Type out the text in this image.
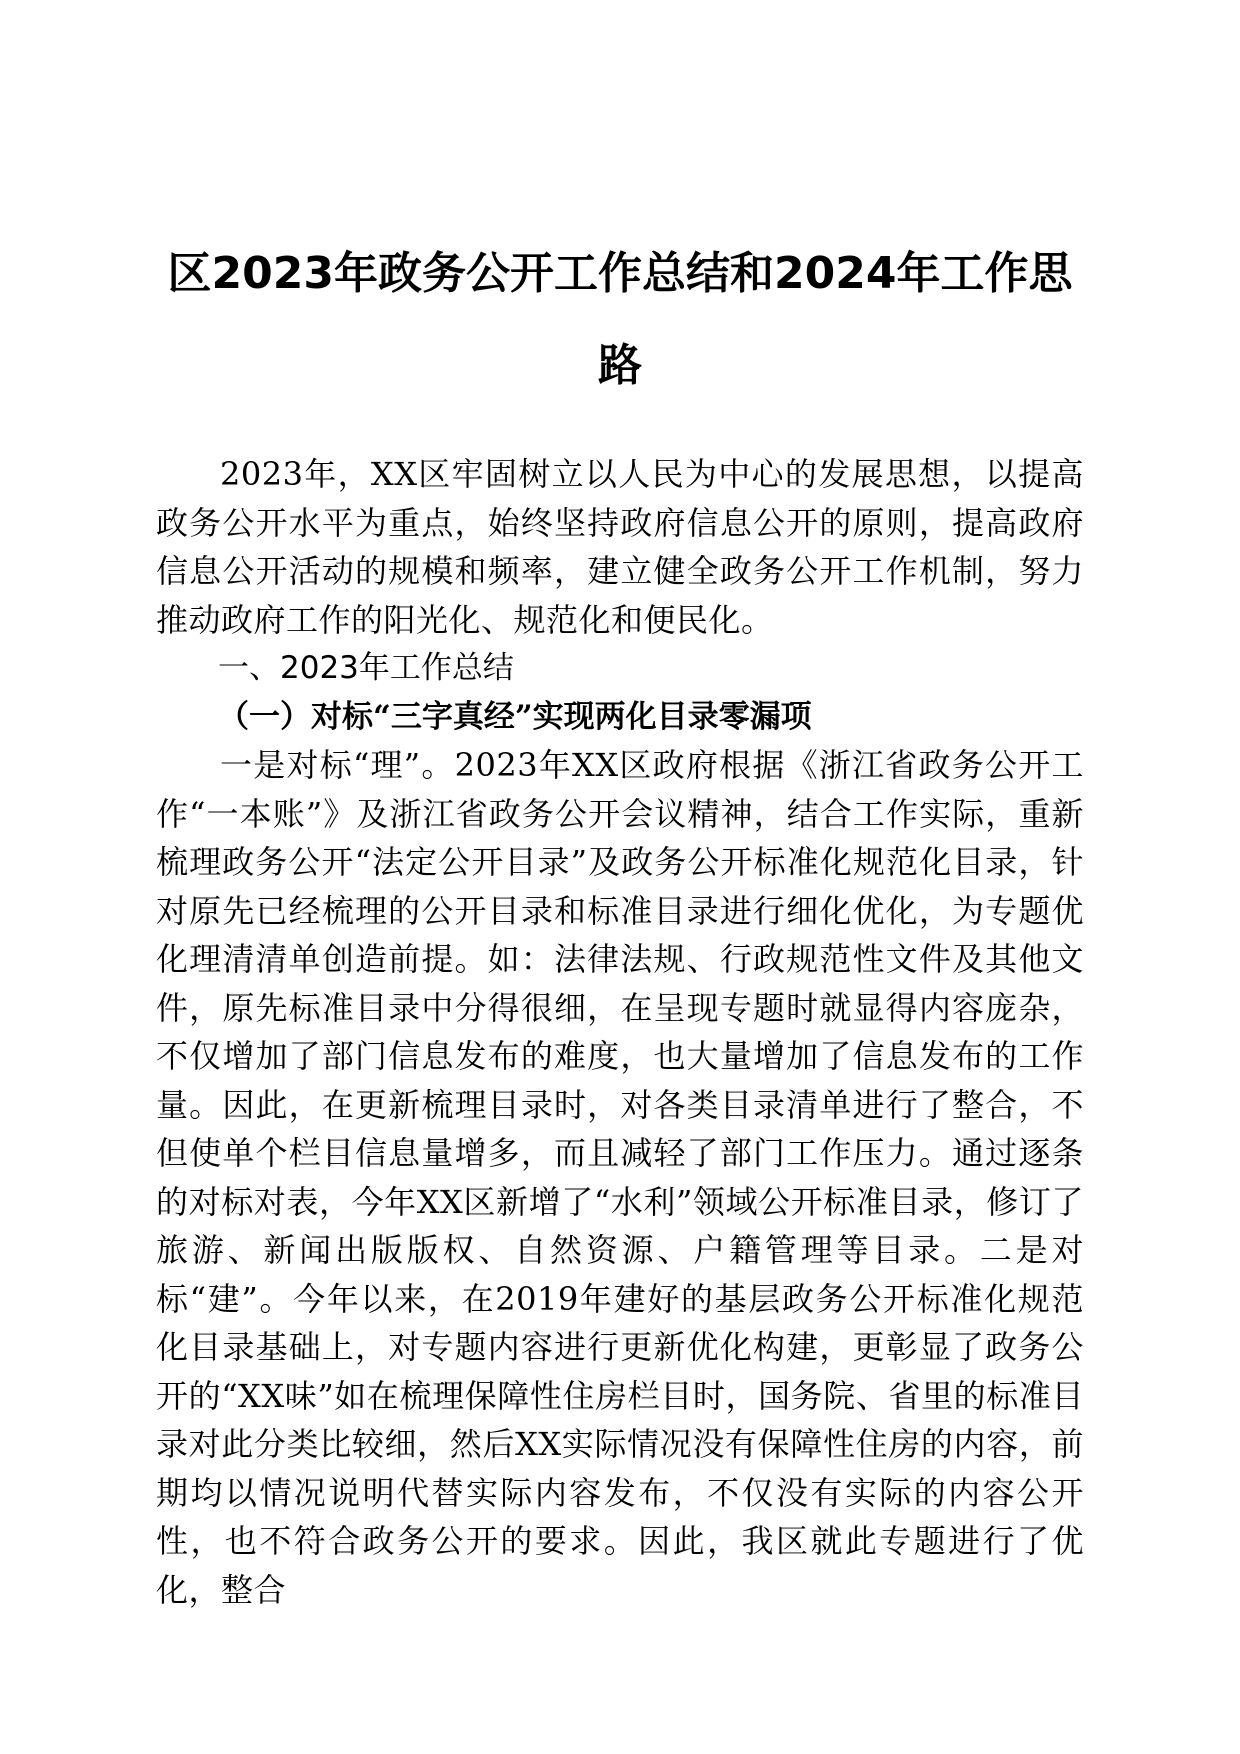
区2023年政务公开工作总结和2024年工作思路

2023年，XX区牢固树立以人民为中心的发展思想，以提高政务公开水平为重点，始终坚持政府信息公开的原则，提高政府信息公开活动的规模和频率，建立健全政务公开工作机制，努力推动政府工作的阳光化、规范化和便民化。

一、2023年工作总结

（一）对标“三字真经”实现两化目录零漏项

一是对标“理”。2023年XX区政府根据《浙江省政务公开工作“一本账”》及浙江省政务公开会议精神，结合工作实际，重新梳理政务公开“法定公开目录”及政务公开标准化规范化目录，针对原先已经梳理的公开目录和标准目录进行细化优化，为专题优化理清清单创造前提。如：法律法规、行政规范性文件及其他文件，原先标准目录中分得很细，在呈现专题时就显得内容庞杂，不仅增加了部门信息发布的难度，也大量增加了信息发布的工作量。因此，在更新梳理目录时，对各类目录清单进行了整合，不但使单个栏目信息量增多，而且减轻了部门工作压力。通过逐条的对标对表，今年XX区新增了“水利”领域公开标准目录，修订了旅游、新闻出版版权、自然资源、户籍管理等目录。二是对标“建”。今年以来，在2019年建好的基层政务公开标准化规范化目录基础上，对专题内容进行更新优化构建，更彰显了政务公开的“XX味”如在梳理保障性住房栏目时，国务院、省里的标准目录对此分类比较细，然后XX实际情况没有保障性住房的内容，前期均以情况说明代替实际内容发布，不仅没有实际的内容公开性，也不符合政务公开的要求。因此，我区就此专题进行了优化，整合
